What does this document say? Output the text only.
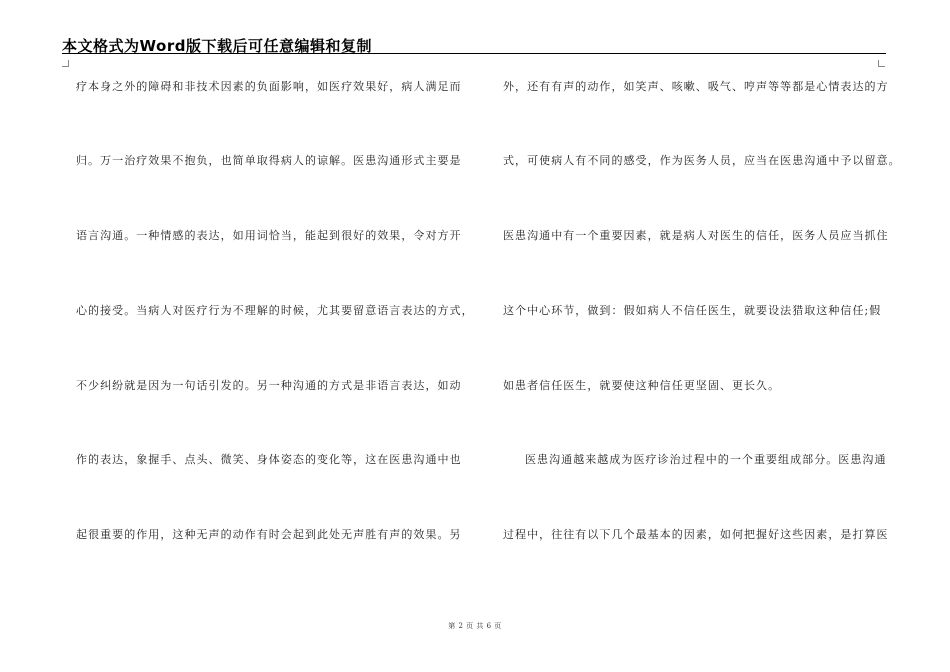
本文格式为Word版下载后可任意编辑和复制
疗本身之外的障碍和非技术因素的负面影响，如医疗效果好，病人满足而
归。万一治疗效果不抱负，也简单取得病人的谅解。医患沟通形式主要是
语言沟通。一种情感的表达，如用词恰当，能起到很好的效果，令对方开
心的接受。当病人对医疗行为不理解的时候，尤其要留意语言表达的方式，
不少纠纷就是因为一句话引发的。另一种沟通的方式是非语言表达，如动
作的表达，象握手、点头、微笑、身体姿态的变化等，这在医患沟通中也
起很重要的作用，这种无声的动作有时会起到此处无声胜有声的效果。另
外，还有有声的动作，如笑声、咳嗽、吸气、哼声等等都是心情表达的方
式，可使病人有不同的感受，作为医务人员，应当在医患沟通中予以留意。
医患沟通中有一个重要因素，就是病人对医生的信任，医务人员应当抓住
这个中心环节，做到：假如病人不信任医生，就要设法猎取这种信任;假
如患者信任医生，就要使这种信任更坚固、更长久。
医患沟通越来越成为医疗诊治过程中的一个重要组成部分。医患沟通
过程中，往往有以下几个最基本的因素，如何把握好这些因素，是打算医
第 2 页 共 6 页
